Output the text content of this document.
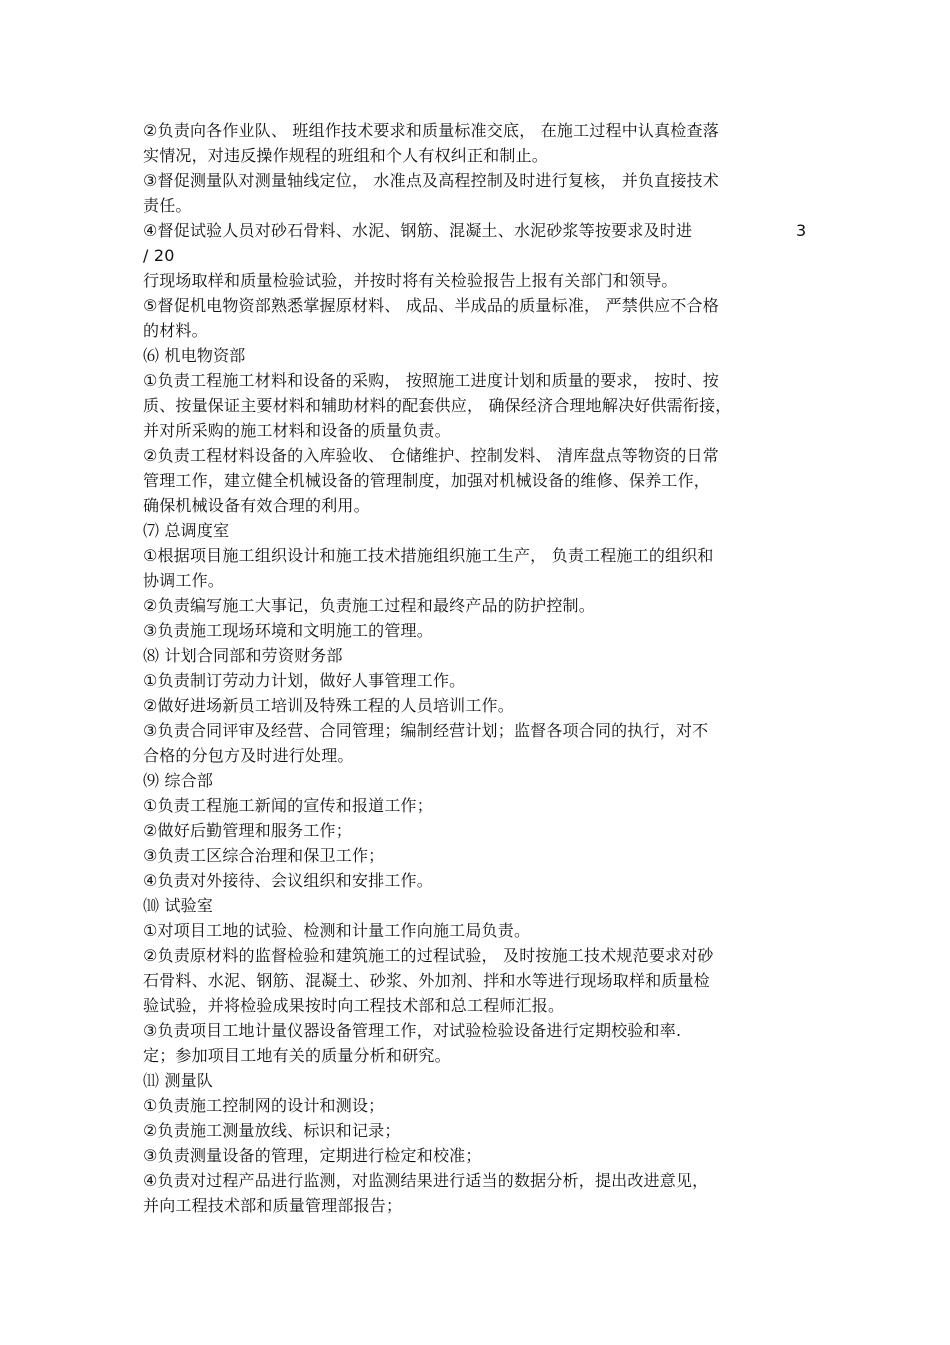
②负责向各作业队、 班组作技术要求和质量标准交底， 在施工过程中认真检查落
实情况，对违反操作规程的班组和个人有权纠正和制止。
③督促测量队对测量轴线定位， 水准点及高程控制及时进行复核， 并负直接技术
责任。
④督促试验人员对砂石骨料、水泥、钢筋、混凝土、水泥砂浆等按要求及时进	3
/ 20
行现场取样和质量检验试验，并按时将有关检验报告上报有关部门和领导。
⑤督促机电物资部熟悉掌握原材料、 成品、半成品的质量标准， 严禁供应不合格
的材料。
⑹ 机电物资部
①负责工程施工材料和设备的采购， 按照施工进度计划和质量的要求， 按时、按
质、按量保证主要材料和辅助材料的配套供应， 确保经济合理地解决好供需衔接，
并对所采购的施工材料和设备的质量负责。
②负责工程材料设备的入库验收、 仓储维护、控制发料、 清库盘点等物资的日常
管理工作，建立健全机械设备的管理制度，加强对机械设备的维修、保养工作，
确保机械设备有效合理的利用。
⑺ 总调度室
①根据项目施工组织设计和施工技术措施组织施工生产， 负责工程施工的组织和
协调工作。
②负责编写施工大事记，负责施工过程和最终产品的防护控制。
③负责施工现场环境和文明施工的管理。
⑻ 计划合同部和劳资财务部
①负责制订劳动力计划，做好人事管理工作。
②做好进场新员工培训及特殊工程的人员培训工作。
③负责合同评审及经营、合同管理；编制经营计划；监督各项合同的执行，对不
合格的分包方及时进行处理。
⑼ 综合部
①负责工程施工新闻的宣传和报道工作；
②做好后勤管理和服务工作；
③负责工区综合治理和保卫工作；
④负责对外接待、会议组织和安排工作。
⑽ 试验室
①对项目工地的试验、检测和计量工作向施工局负责。
②负责原材料的监督检验和建筑施工的过程试验， 及时按施工技术规范要求对砂
石骨料、水泥、钢筋、混凝土、砂浆、外加剂、拌和水等进行现场取样和质量检
验试验，并将检验成果按时向工程技术部和总工程师汇报。
③负责项目工地计量仪器设备管理工作，对试验检验设备进行定期校验和率.
定；参加项目工地有关的质量分析和研究。
⑾ 测量队
①负责施工控制网的设计和测设；
②负责施工测量放线、标识和记录；
③负责测量设备的管理，定期进行检定和校准；
④负责对过程产品进行监测，对监测结果进行适当的数据分析，提出改进意见，
并向工程技术部和质量管理部报告；
